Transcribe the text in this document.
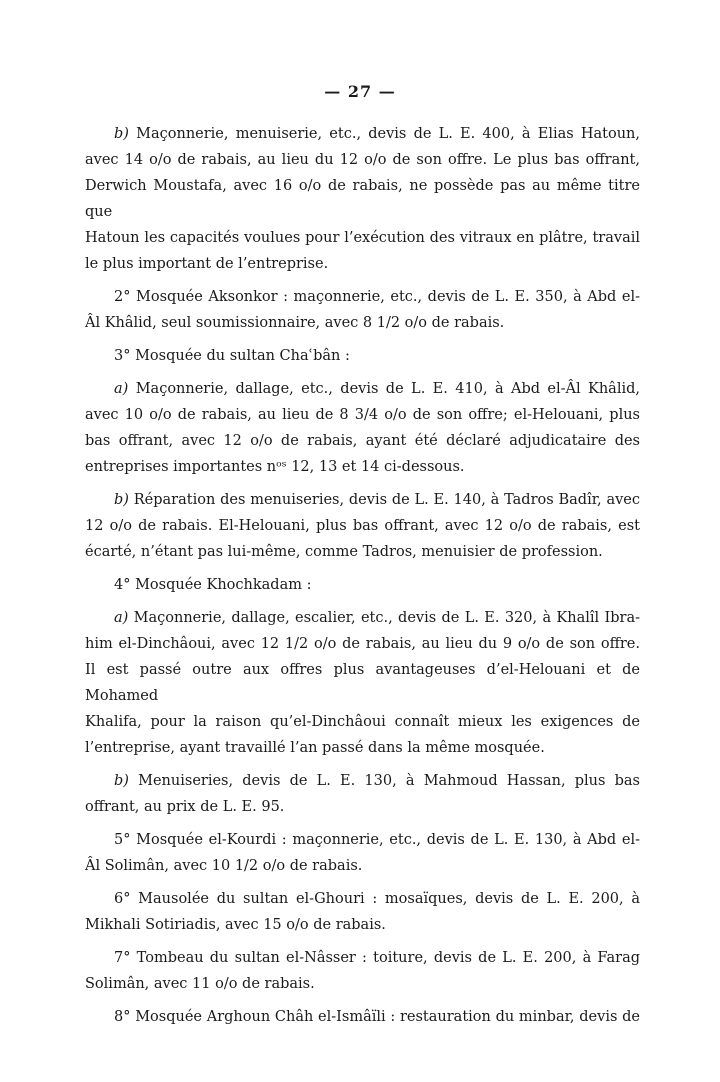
— 27 —
b) Maçonnerie, menuiserie, etc., devis de L. E. 400, à Elias Hatoun,
avec 14 o/o de rabais, au lieu du 12 o/o de son offre. Le plus bas offrant,
Derwich Moustafa, avec 16 o/o de rabais, ne possède pas au même titre que
Hatoun les capacités voulues pour l’exécution des vitraux en plâtre, travail
le plus important de l’entreprise.
2° Mosquée Aksonkor : maçonnerie, etc., devis de L. E. 350, à Abd el-
Âl Khâlid, seul soumissionnaire, avec 8 1/2 o/o de rabais.
3° Mosquée du sultan Chaʿbân :
a) Maçonnerie, dallage, etc., devis de L. E. 410, à Abd el-Âl Khâlid,
avec 10 o/o de rabais, au lieu de 8 3/4 o/o de son offre; el-Helouani, plus
bas offrant, avec 12 o/o de rabais, ayant été déclaré adjudicataire des
entreprises importantes nᵒˢ 12, 13 et 14 ci-dessous.
b) Réparation des menuiseries, devis de L. E. 140, à Tadros Badîr, avec
12 o/o de rabais. El-Helouani, plus bas offrant, avec 12 o/o de rabais, est
écarté, n’étant pas lui-même, comme Tadros, menuisier de profession.
4° Mosquée Khochkadam :
a) Maçonnerie, dallage, escalier, etc., devis de L. E. 320, à Khalîl Ibra-
him el-Dinchâoui, avec 12 1/2 o/o de rabais, au lieu du 9 o/o de son offre.
Il est passé outre aux offres plus avantageuses d’el-Helouani et de Mohamed
Khalifa, pour la raison qu’el-Dinchâoui connaît mieux les exigences de
l’entreprise, ayant travaillé l’an passé dans la même mosquée.
b) Menuiseries, devis de L. E. 130, à Mahmoud Hassan, plus bas
offrant, au prix de L. E. 95.
5° Mosquée el-Kourdi : maçonnerie, etc., devis de L. E. 130, à Abd el-
Âl Solimân, avec 10 1/2 o/o de rabais.
6° Mausolée du sultan el-Ghouri : mosaïques, devis de L. E. 200, à
Mikhali Sotiriadis, avec 15 o/o de rabais.
7° Tombeau du sultan el-Nâsser : toiture, devis de L. E. 200, à Farag
Solimân, avec 11 o/o de rabais.
8° Mosquée Arghoun Châh el-Ismâïli : restauration du minbar, devis de
